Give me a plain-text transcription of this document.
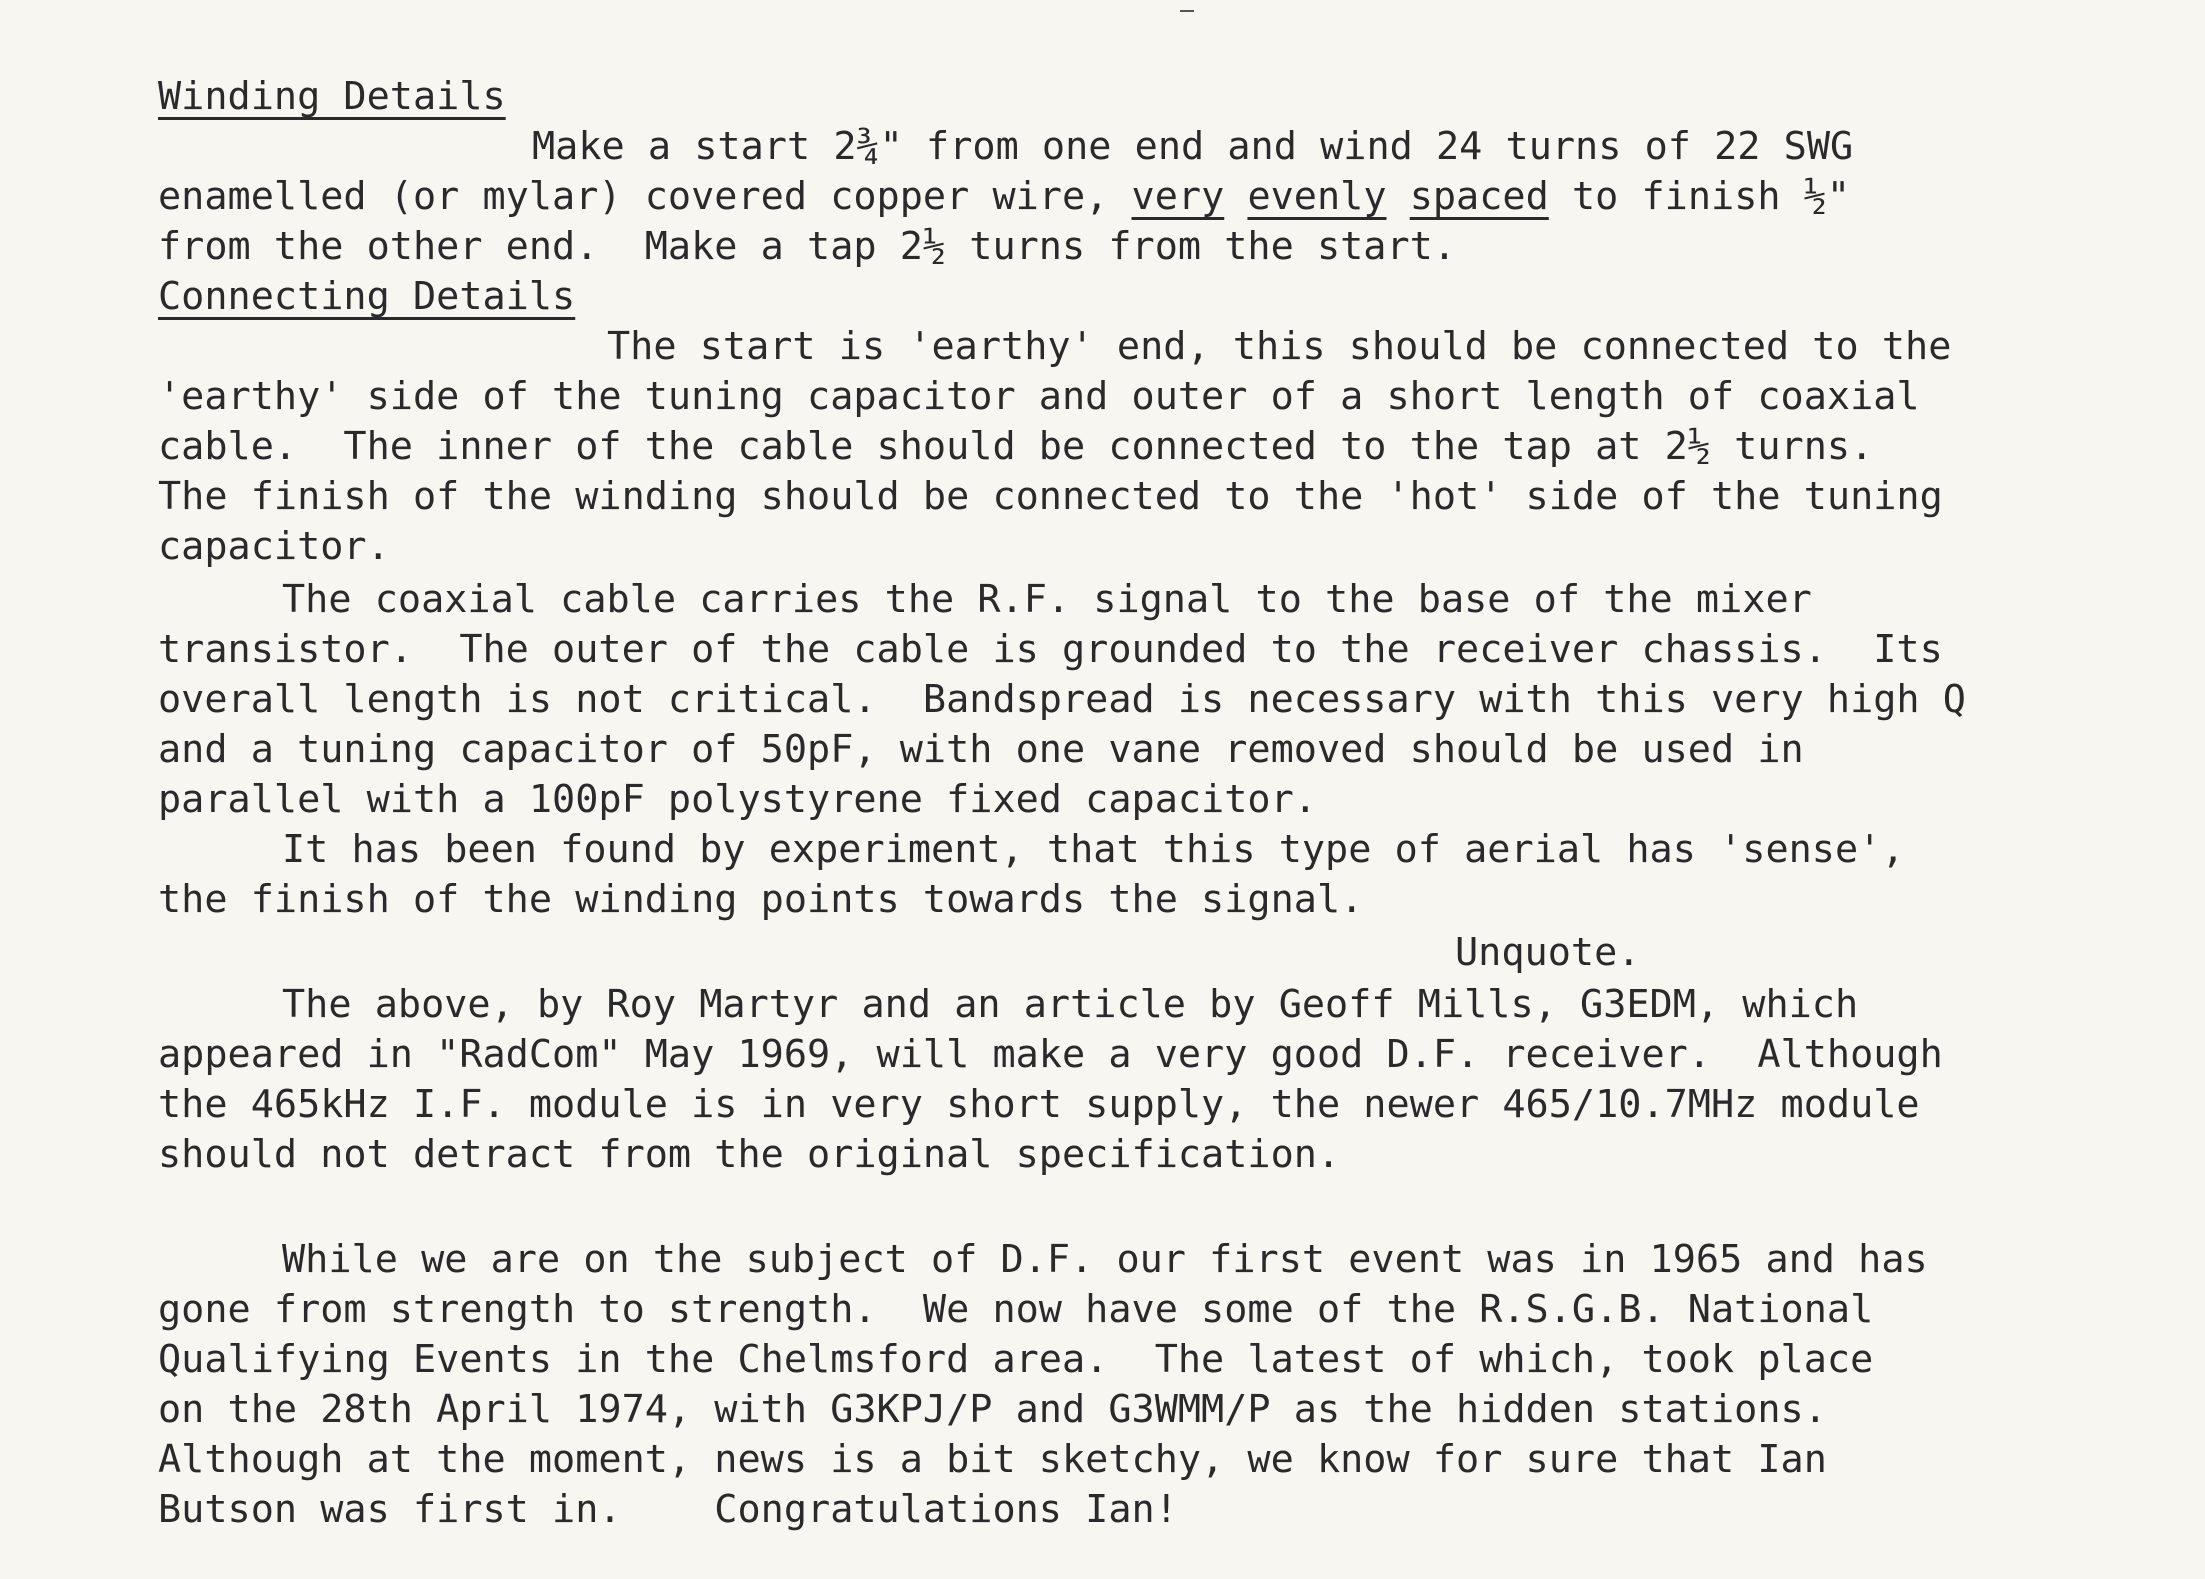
Winding Details
Make a start 2¾" from one end and wind 24 turns of 22 SWG
enamelled (or mylar) covered copper wire, very evenly spaced to finish ½"
from the other end.  Make a tap 2½ turns from the start.
Connecting Details
The start is 'earthy' end, this should be connected to the
'earthy' side of the tuning capacitor and outer of a short length of coaxial
cable.  The inner of the cable should be connected to the tap at 2½ turns.
The finish of the winding should be connected to the 'hot' side of the tuning
capacitor.
The coaxial cable carries the R.F. signal to the base of the mixer
transistor.  The outer of the cable is grounded to the receiver chassis.  Its
overall length is not critical.  Bandspread is necessary with this very high Q
and a tuning capacitor of 50pF, with one vane removed should be used in
parallel with a 100pF polystyrene fixed capacitor.
It has been found by experiment, that this type of aerial has 'sense',
the finish of the winding points towards the signal.
Unquote.
The above, by Roy Martyr and an article by Geoff Mills, G3EDM, which
appeared in "RadCom" May 1969, will make a very good D.F. receiver.  Although
the 465kHz I.F. module is in very short supply, the newer 465/10.7MHz module
should not detract from the original specification.
While we are on the subject of D.F. our first event was in 1965 and has
gone from strength to strength.  We now have some of the R.S.G.B. National
Qualifying Events in the Chelmsford area.  The latest of which, took place
on the 28th April 1974, with G3KPJ/P and G3WMM/P as the hidden stations.
Although at the moment, news is a bit sketchy, we know for sure that Ian
Butson was first in.    Congratulations Ian!
